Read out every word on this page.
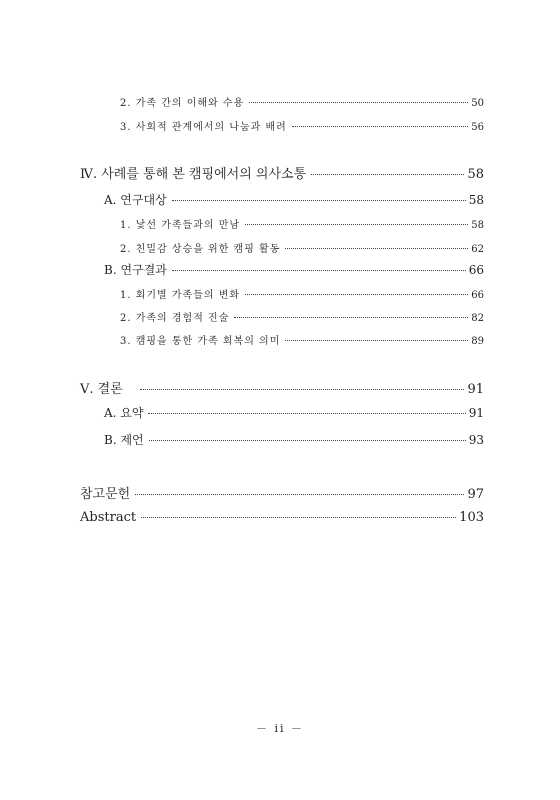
2. 가족 간의 이해와 수용	50
3. 사회적 관계에서의 나눔과 배려	56
Ⅳ. 사례를 통해 본 캠핑에서의 의사소통	58
A. 연구대상	58
1. 낯선 가족들과의 만남	58
2. 친밀감 상승을 위한 캠핑 활동	62
B. 연구결과	66
1. 회기별 가족들의 변화	66
2. 가족의 경험적 진술	82
3. 캠핑을 통한 가족 회복의 의미	89
Ⅴ. 결론	91
A. 요약	91
B. 제언	93
참고문헌	97
Abstract	103
－ ii －
